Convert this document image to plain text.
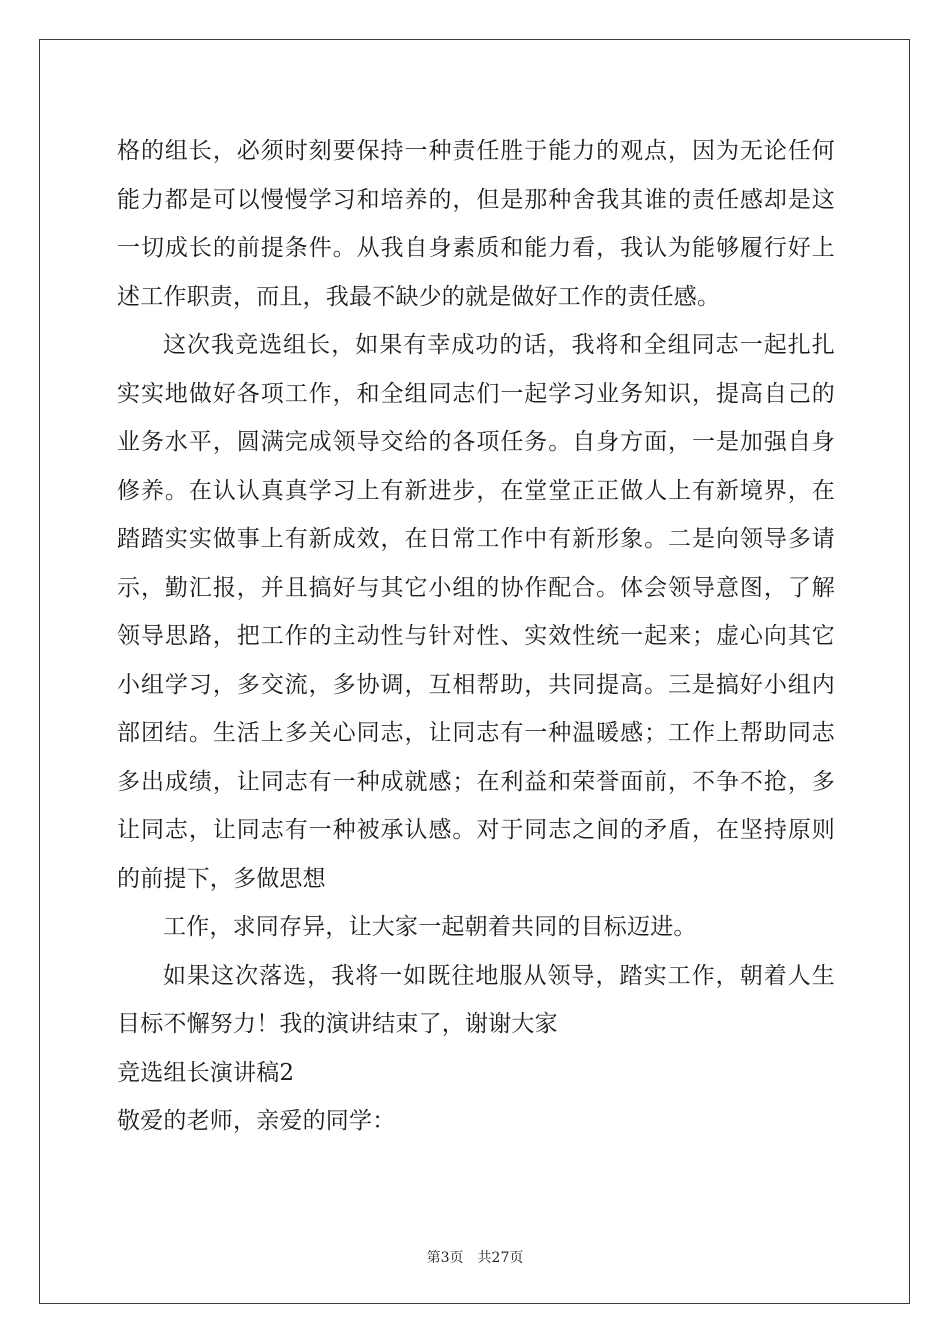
格的组长，必须时刻要保持一种责任胜于能力的观点，因为无论任何
能力都是可以慢慢学习和培养的，但是那种舍我其谁的责任感却是这
一切成长的前提条件。从我自身素质和能力看，我认为能够履行好上
述工作职责，而且，我最不缺少的就是做好工作的责任感。
这次我竞选组长，如果有幸成功的话，我将和全组同志一起扎扎
实实地做好各项工作，和全组同志们一起学习业务知识，提高自己的
业务水平，圆满完成领导交给的各项任务。自身方面，一是加强自身
修养。在认认真真学习上有新进步，在堂堂正正做人上有新境界，在
踏踏实实做事上有新成效，在日常工作中有新形象。二是向领导多请
示，勤汇报，并且搞好与其它小组的协作配合。体会领导意图，了解
领导思路，把工作的主动性与针对性、实效性统一起来；虚心向其它
小组学习，多交流，多协调，互相帮助，共同提高。三是搞好小组内
部团结。生活上多关心同志，让同志有一种温暖感；工作上帮助同志
多出成绩，让同志有一种成就感；在利益和荣誉面前，不争不抢，多
让同志，让同志有一种被承认感。对于同志之间的矛盾，在坚持原则
的前提下，多做思想
工作，求同存异，让大家一起朝着共同的目标迈进。
如果这次落选，我将一如既往地服从领导，踏实工作，朝着人生
目标不懈努力！我的演讲结束了，谢谢大家
竞选组长演讲稿2
敬爱的老师，亲爱的同学：
第3页 共27页
